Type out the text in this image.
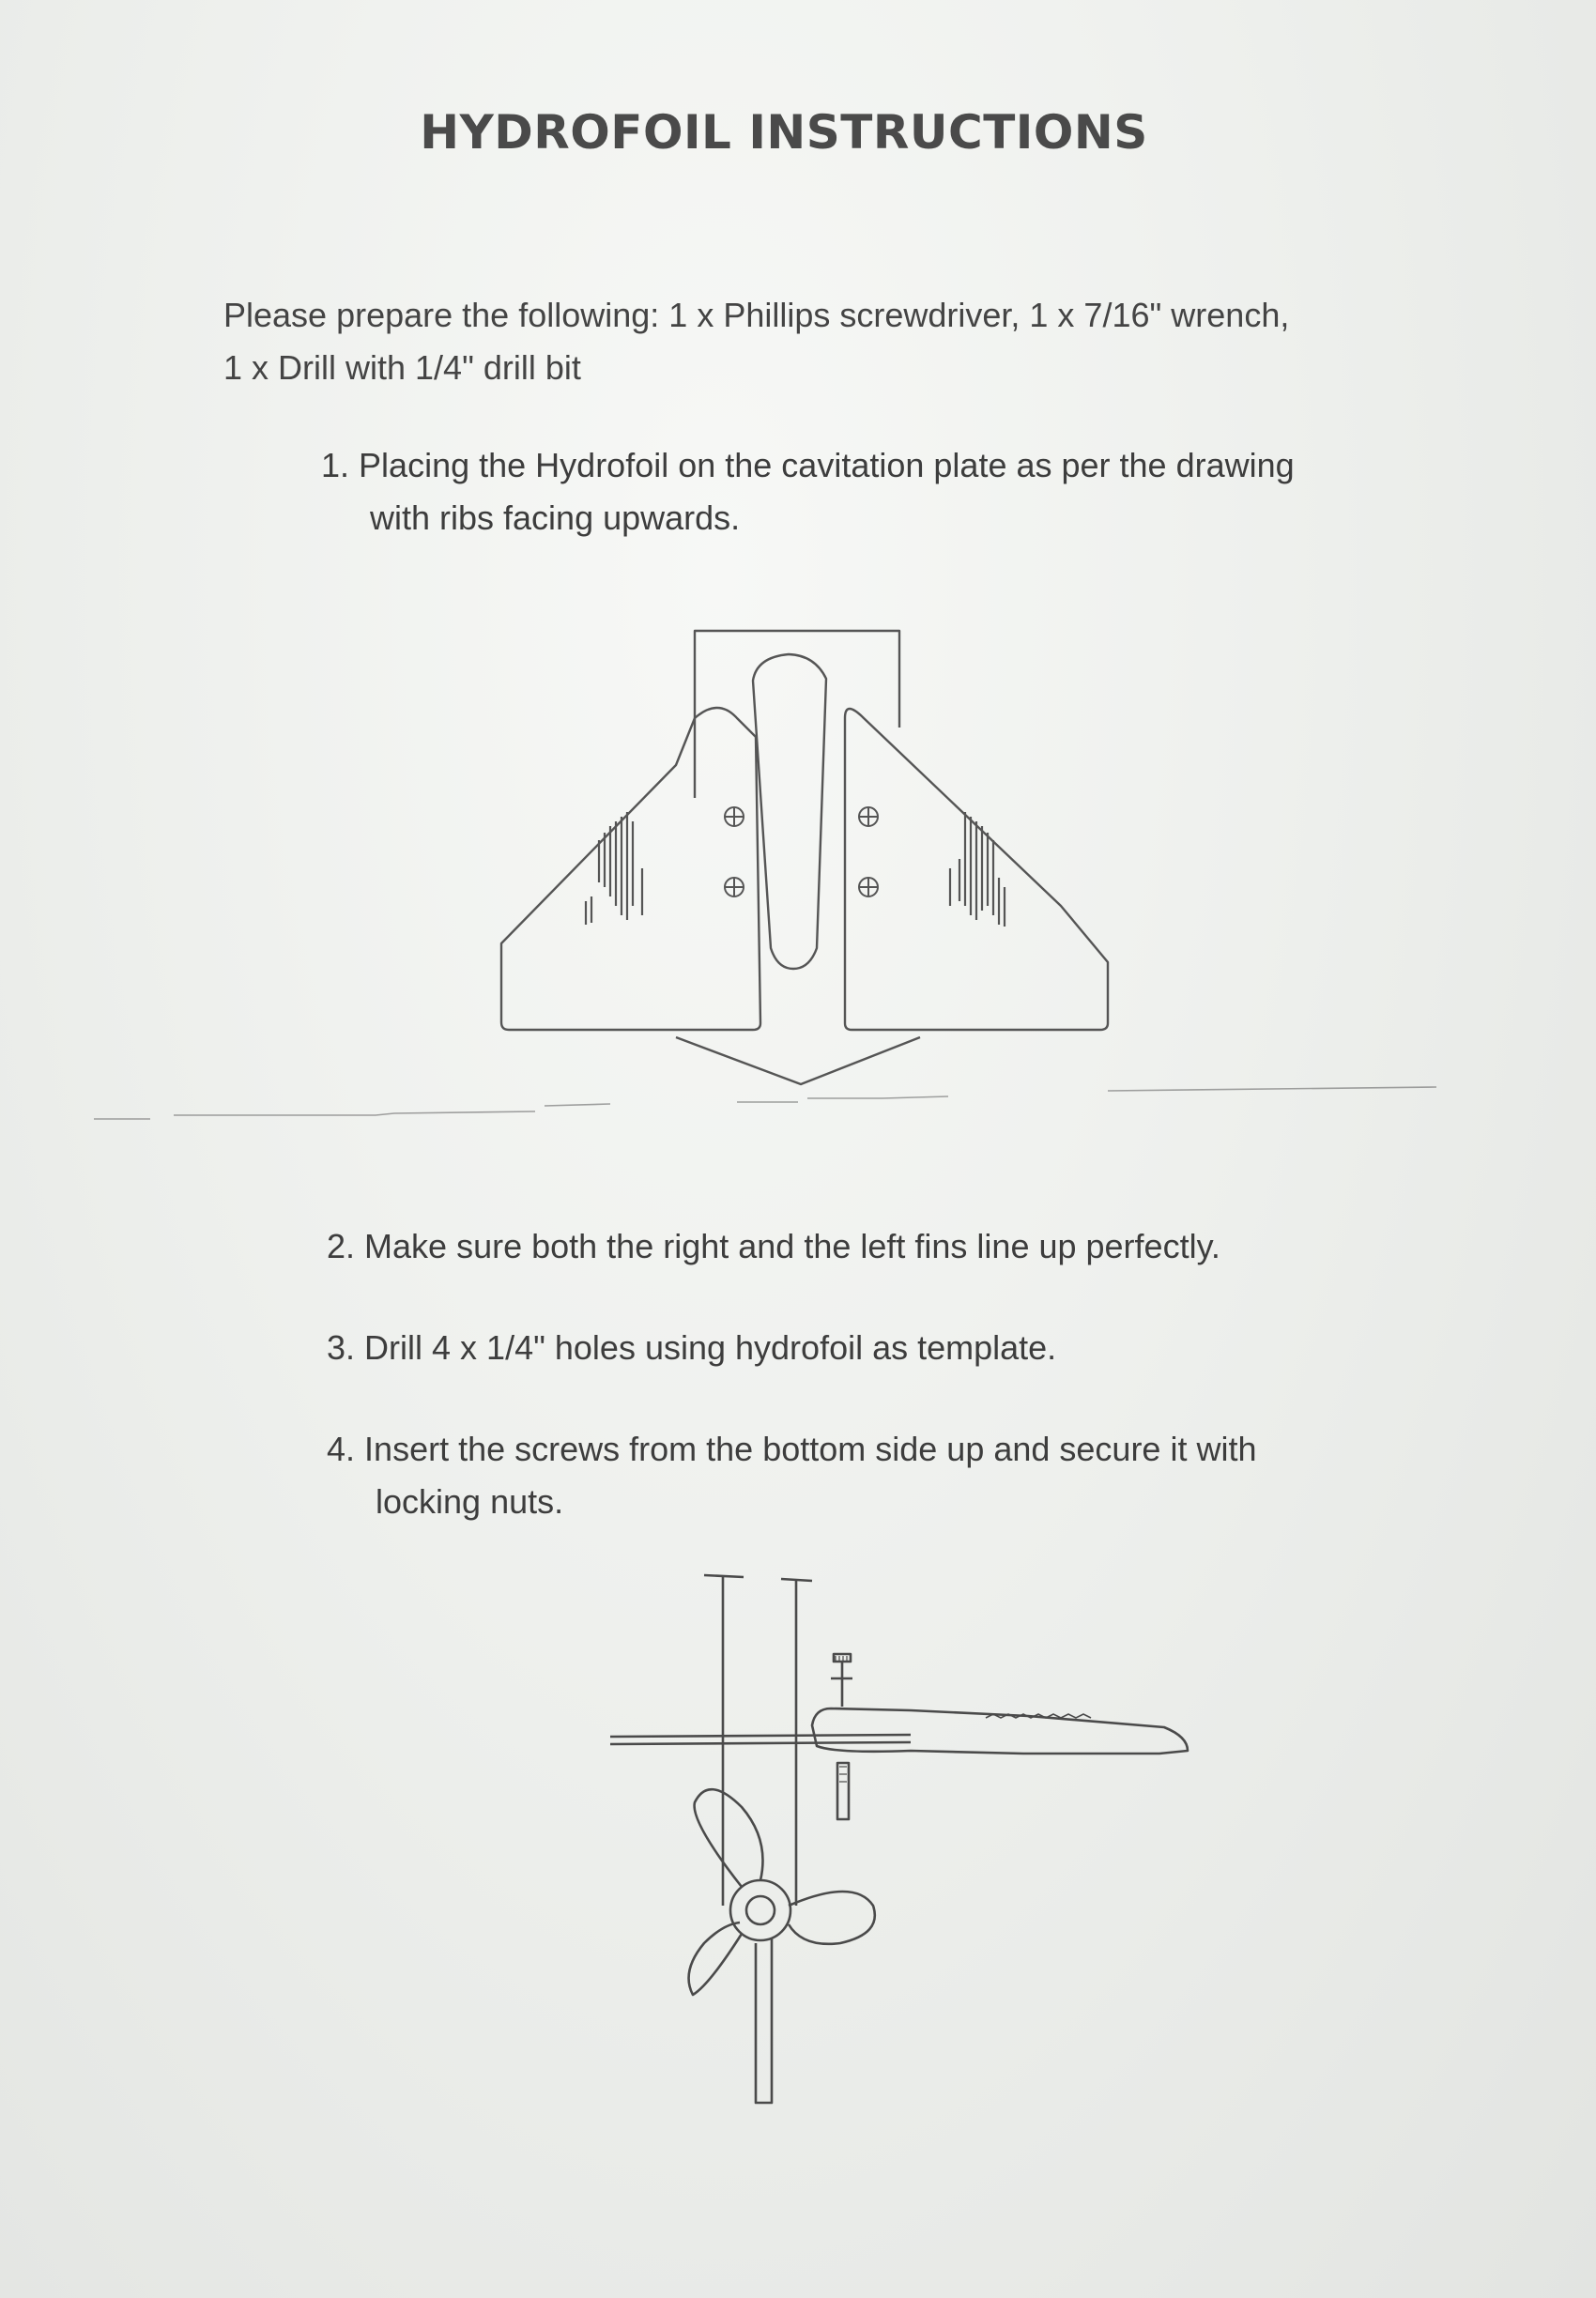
HYDROFOIL INSTRUCTIONS
Please prepare the following: 1 x Phillips screwdriver, 1 x 7/16" wrench,
1 x Drill with 1/4" drill bit
1. Placing the Hydrofoil on the cavitation plate as per the drawing
with ribs facing upwards.
2. Make sure both the right and the left fins line up perfectly.
3. Drill 4 x 1/4" holes using hydrofoil as template.
4. Insert the screws from the bottom side up and secure it with
locking nuts.
